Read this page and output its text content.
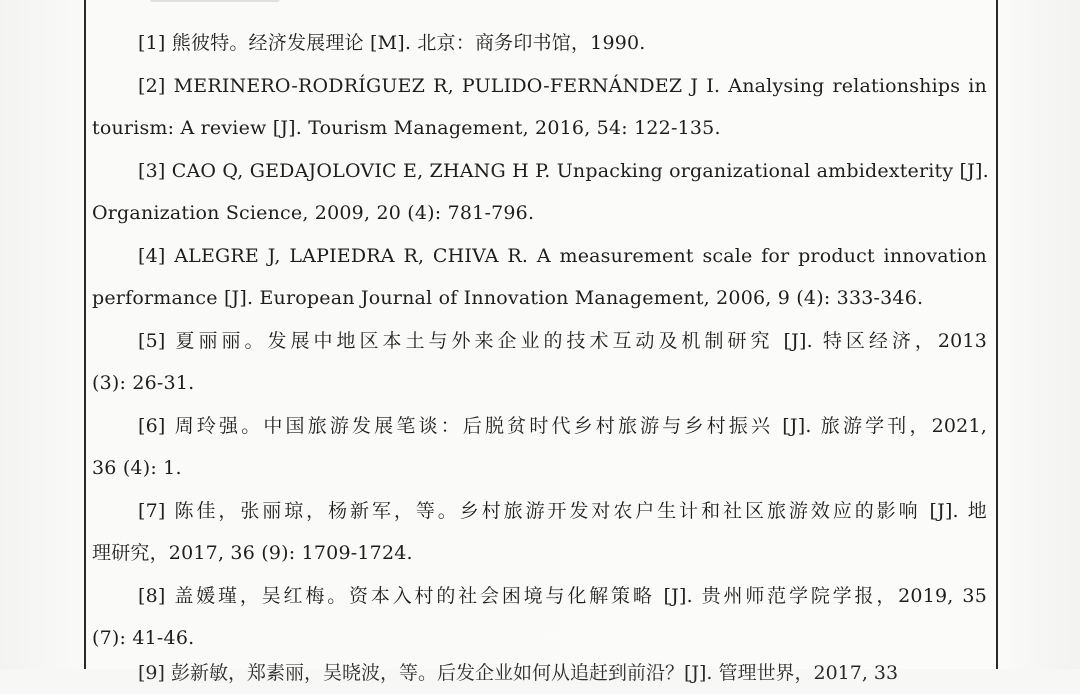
[1] 熊彼特。经济发展理论 [M]. 北京：商务印书馆，1990.
[2] MERINERO-RODRÍGUEZ R, PULIDO-FERNÁNDEZ J I. Analysing relationships in
tourism: A review [J]. Tourism Management, 2016, 54: 122-135.
[3] CAO Q, GEDAJOLOVIC E, ZHANG H P. Unpacking organizational ambidexterity [J].
Organization Science, 2009, 20 (4): 781-796.
[4] ALEGRE J, LAPIEDRA R, CHIVA R. A measurement scale for product innovation
performance [J]. European Journal of Innovation Management, 2006, 9 (4): 333-346.
[5] 夏丽丽。发展中地区本土与外来企业的技术互动及机制研究 [J]. 特区经济，2013
(3): 26-31.
[6] 周玲强。中国旅游发展笔谈：后脱贫时代乡村旅游与乡村振兴 [J]. 旅游学刊，2021,
36 (4): 1.
[7] 陈佳，张丽琼，杨新军，等。乡村旅游开发对农户生计和社区旅游效应的影响 [J]. 地
理研究，2017, 36 (9): 1709-1724.
[8] 盖媛瑾，吴红梅。资本入村的社会困境与化解策略 [J]. 贵州师范学院学报，2019, 35
(7): 41-46.
[9] 彭新敏，郑素丽，吴晓波，等。后发企业如何从追赶到前沿？[J]. 管理世界，2017, 33
